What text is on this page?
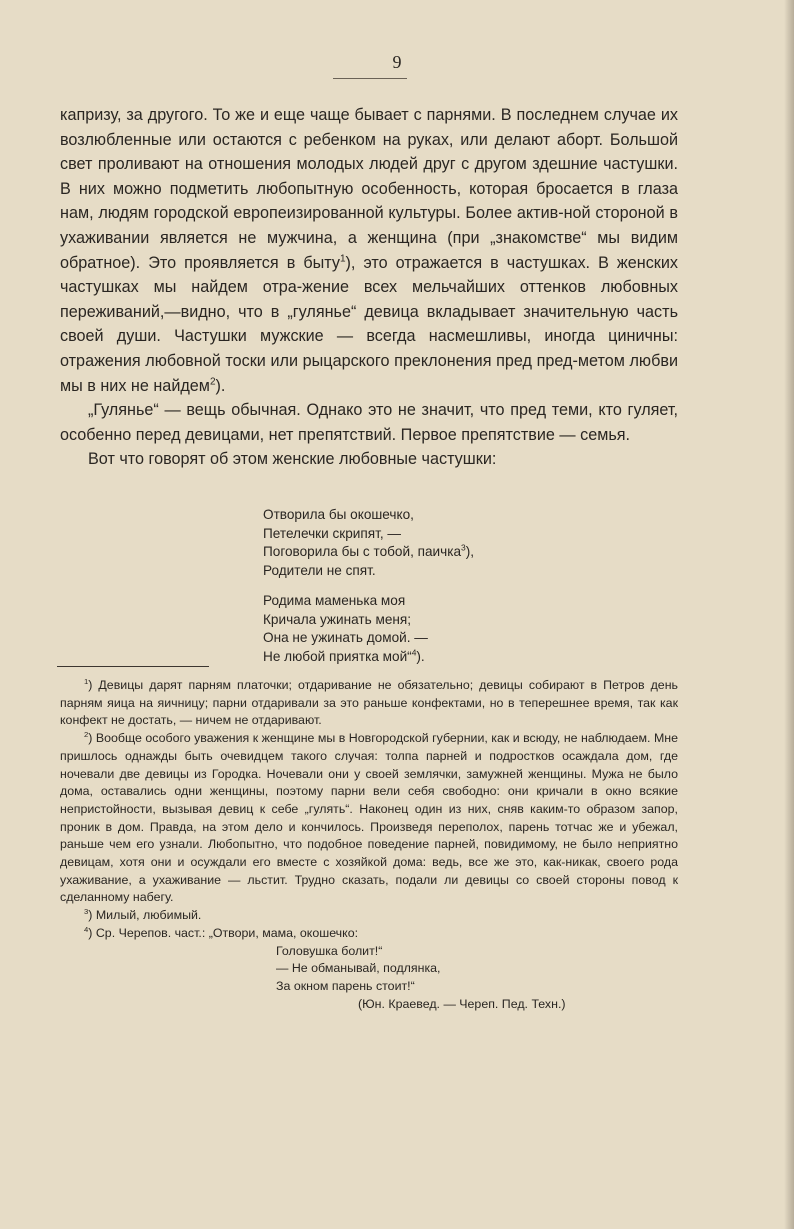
9

капризу, за другого. То же и еще чаще бывает с парнями. В последнем случае их возлюбленные или остаются с ребенком на руках, или делают аборт. Большой свет проливают на отношения молодых людей друг с другом здешние частушки. В них можно подметить любопытную особенность, которая бросается в глаза нам, людям городской европеизированной культуры. Более актив-ной стороной в ухаживании является не мужчина, а женщина (при „знакомстве“ мы видим обратное). Это проявляется в быту$^1$), это отражается в частушках. В женских частушках мы найдем отра-жение всех мельчайших оттенков любовных переживаний,—видно, что в „гулянье“ девица вкладывает значительную часть своей души. Частушки мужские — всегда насмешливы, иногда циничны: отражения любовной тоски или рыцарского преклонения пред пред-метом любви мы в них не найдем$^2$).

„Гулянье“ — вещь обычная. Однако это не значит, что пред теми, кто гуляет, особенно перед девицами, нет препятствий. Первое препятствие — семья.

Вот что говорят об этом женские любовные частушки:

Отворила бы окошечко,
Петелечки скрипят, —
Поговорила бы с тобой, паичка$^3$),
Родители не спят.
Родима маменька моя
Кричала ужинать меня;
Она не ужинать домой. —
Не любой приятка мой“$^4$).

$^1$) Девицы дарят парням платочки; отдаривание не обязательно; девицы собирают в Петров день парням яица на яичницу; парни отдаривали за это раньше конфектами, но в теперешнее время, так как конфект не достать, — ничем не отдаривают.

$^2$) Вообще особого уважения к женщине мы в Новгородской губернии, как и всюду, не наблюдаем. Мне пришлось однажды быть очевидцем такого случая: толпа парней и подростков осаждала дом, где ночевали две девицы из Городка. Ночевали они у своей землячки, замужней женщины. Мужа не было дома, оставались одни женщины, поэтому парни вели себя свободно: они кричали в окно всякие непристойности, вызывая девиц к себе „гулять“. Наконец один из них, сняв каким-то образом запор, проник в дом. Правда, на этом дело и кончилось. Произведя переполох, парень тотчас же и убежал, раньше чем его узнали. Любопытно, что подобное поведение парней, повидимому, не было неприятно девицам, хотя они и осуждали его вместе с хозяйкой дома: ведь, все же это, как-никак, своего рода ухаживание, а ухаживание — льстит. Трудно сказать, подали ли девицы со своей стороны повод к сделанному набегу.

$^3$) Милый, любимый.

$^4$) Ср. Черепов. част.: „Отвори, мама, окошечко:

Головушка болит!“
— Не обманывай, подлянка,
За окном парень стоит!“
(Юн. Краевед. — Череп. Пед. Техн.)
